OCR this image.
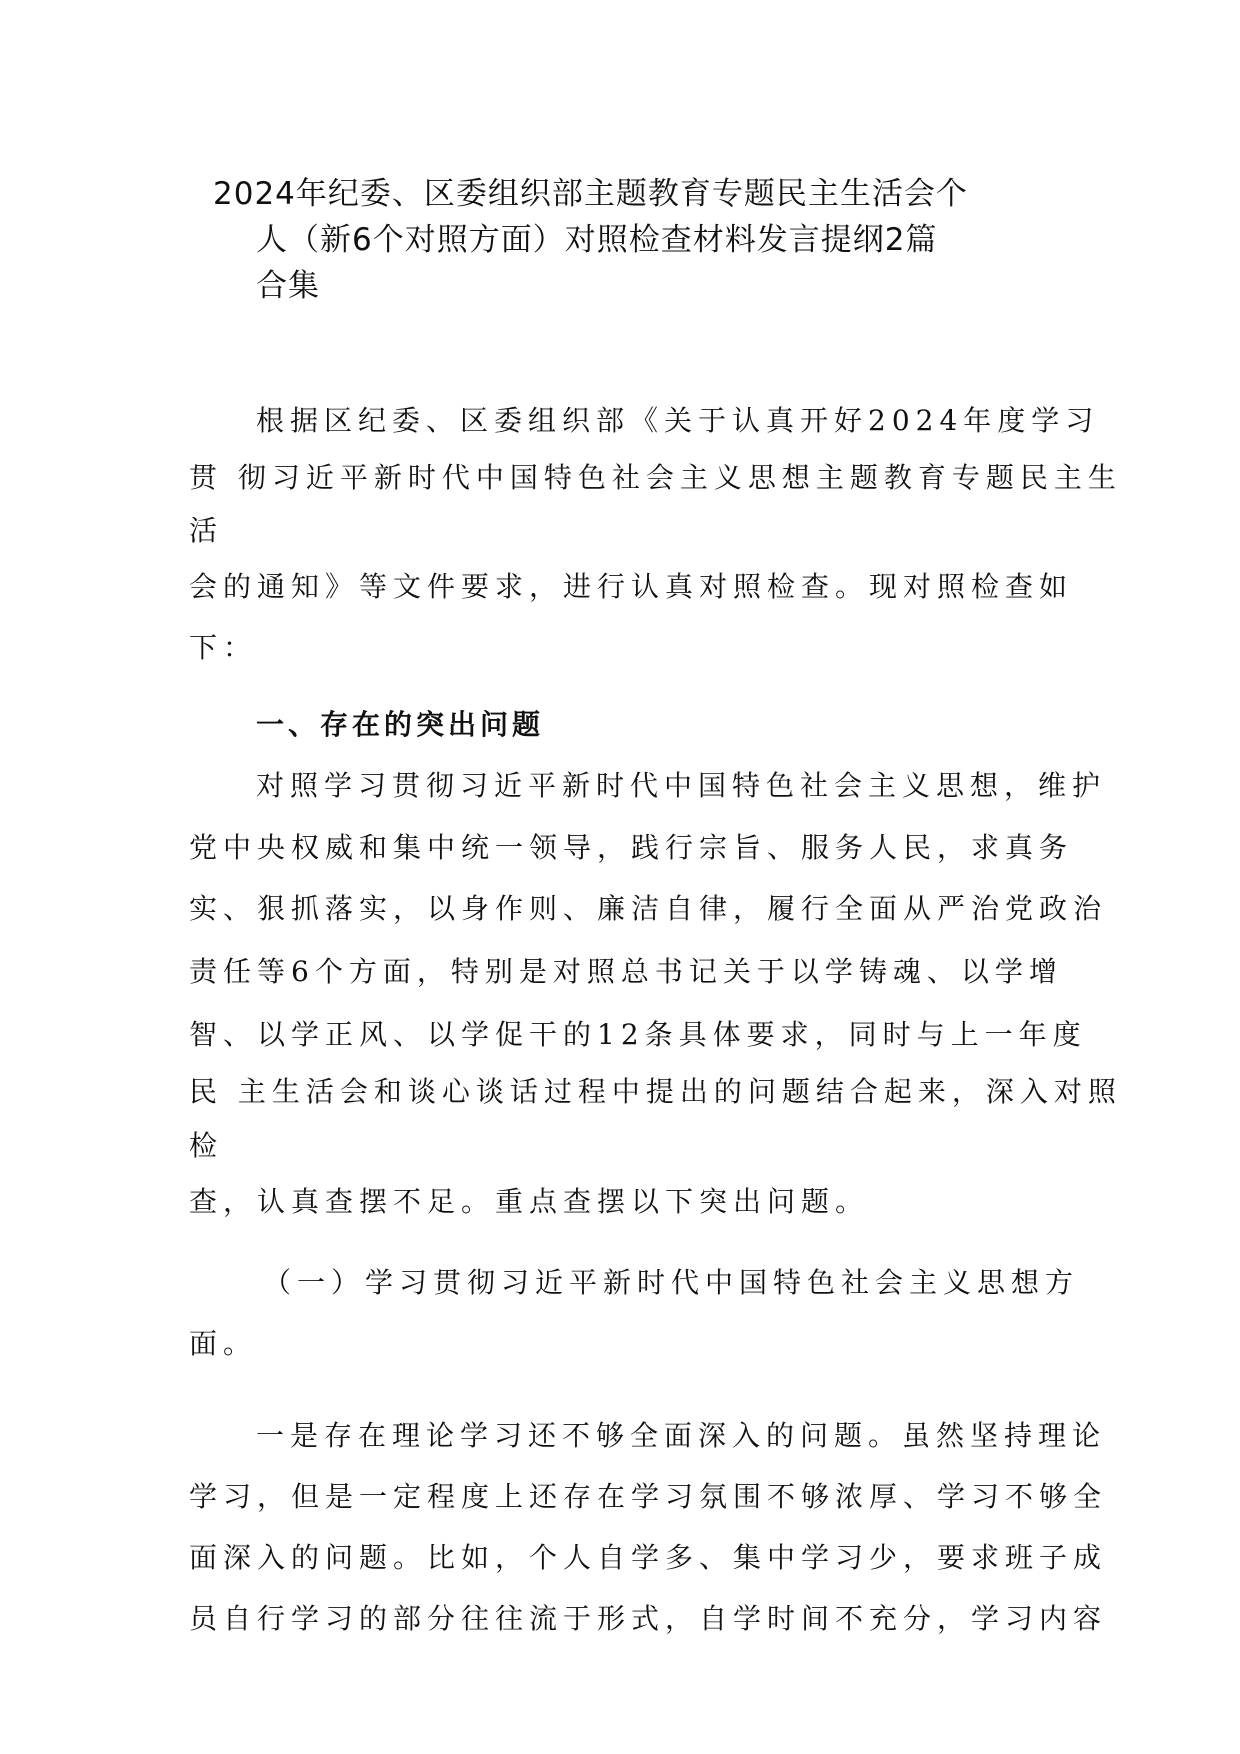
2024年纪委、区委组织部主题教育专题民主生活会个

人（新6个对照方面）对照检查材料发言提纲2篇

合集

根据区纪委、区委组织部《关于认真开好2024年度学习

贯 彻习近平新时代中国特色社会主义思想主题教育专题民主生

活

会的通知》等文件要求，进行认真对照检查。现对照检查如

下：

一、存在的突出问题

对照学习贯彻习近平新时代中国特色社会主义思想，维护

党中央权威和集中统一领导，践行宗旨、服务人民，求真务

实、狠抓落实，以身作则、廉洁自律，履行全面从严治党政治

责任等6个方面，特别是对照总书记关于以学铸魂、以学增

智、以学正风、以学促干的12条具体要求，同时与上一年度

民 主生活会和谈心谈话过程中提出的问题结合起来，深入对照

检

查，认真查摆不足。重点查摆以下突出问题。

（一）学习贯彻习近平新时代中国特色社会主义思想方

面。

一是存在理论学习还不够全面深入的问题。虽然坚持理论

学习，但是一定程度上还存在学习氛围不够浓厚、学习不够全

面深入的问题。比如，个人自学多、集中学习少，要求班子成

员自行学习的部分往往流于形式，自学时间不充分，学习内容
